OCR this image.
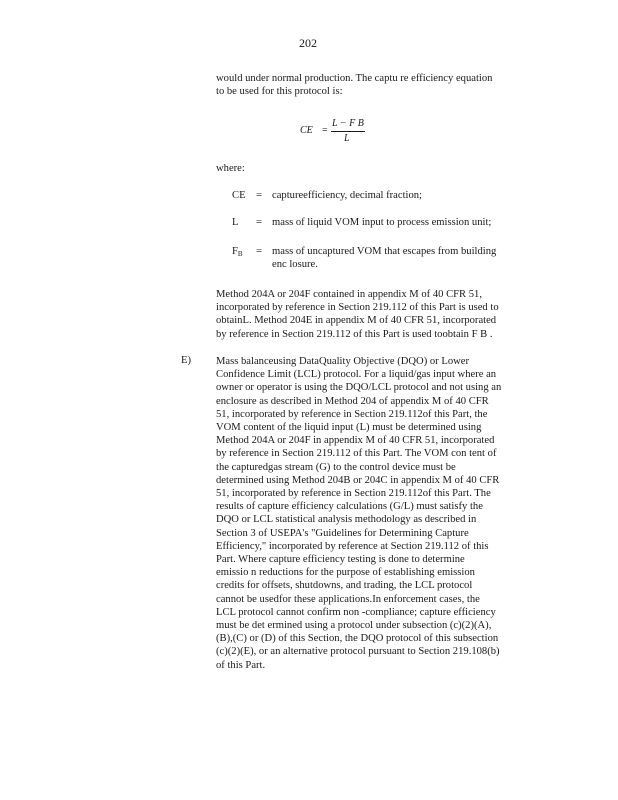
202
would under normal production. The captu re efficiency equation
to be used for this protocol is:
CE =
L − F B
L
where:
CE = captureefficiency, decimal fraction;
L = mass of liquid VOM input to process emission unit;
$F_B$ = mass of uncaptured VOM that escapes from building
enc losure.
Method 204A or 204F contained in appendix M of 40 CFR 51,
incorporated by reference in Section 219.112 of this Part is used to
obtainL. Method 204E in appendix M of 40 CFR 51, incorporated
by reference in Section 219.112 of this Part is used toobtain F B .
E) Mass balanceusing DataQuality Objective (DQO) or Lower
Confidence Limit (LCL) protocol. For a liquid/gas input where an
owner or operator is using the DQO/LCL protocol and not using an
enclosure as described in Method 204 of appendix M of 40 CFR
51, incorporated by reference in Section 219.112of this Part, the
VOM content of the liquid input (L) must be determined using
Method 204A or 204F in appendix M of 40 CFR 51, incorporated
by reference in Section 219.112 of this Part. The VOM con tent of
the capturedgas stream (G) to the control device must be
determined using Method 204B or 204C in appendix M of 40 CFR
51, incorporated by reference in Section 219.112of this Part. The
results of capture efficiency calculations (G/L) must satisfy the
DQO or LCL statistical analysis methodology as described in
Section 3 of USEPA's "Guidelines for Determining Capture
Efficiency," incorporated by reference at Section 219.112 of this
Part. Where capture efficiency testing is done to determine
emissio n reductions for the purpose of establishing emission
credits for offsets, shutdowns, and trading, the LCL protocol
cannot be usedfor these applications.In enforcement cases, the
LCL protocol cannot confirm non -compliance; capture efficiency
must be det ermined using a protocol under subsection (c)(2)(A),
(B),(C) or (D) of this Section, the DQO protocol of this subsection
(c)(2)(E), or an alternative protocol pursuant to Section 219.108(b)
of this Part.
